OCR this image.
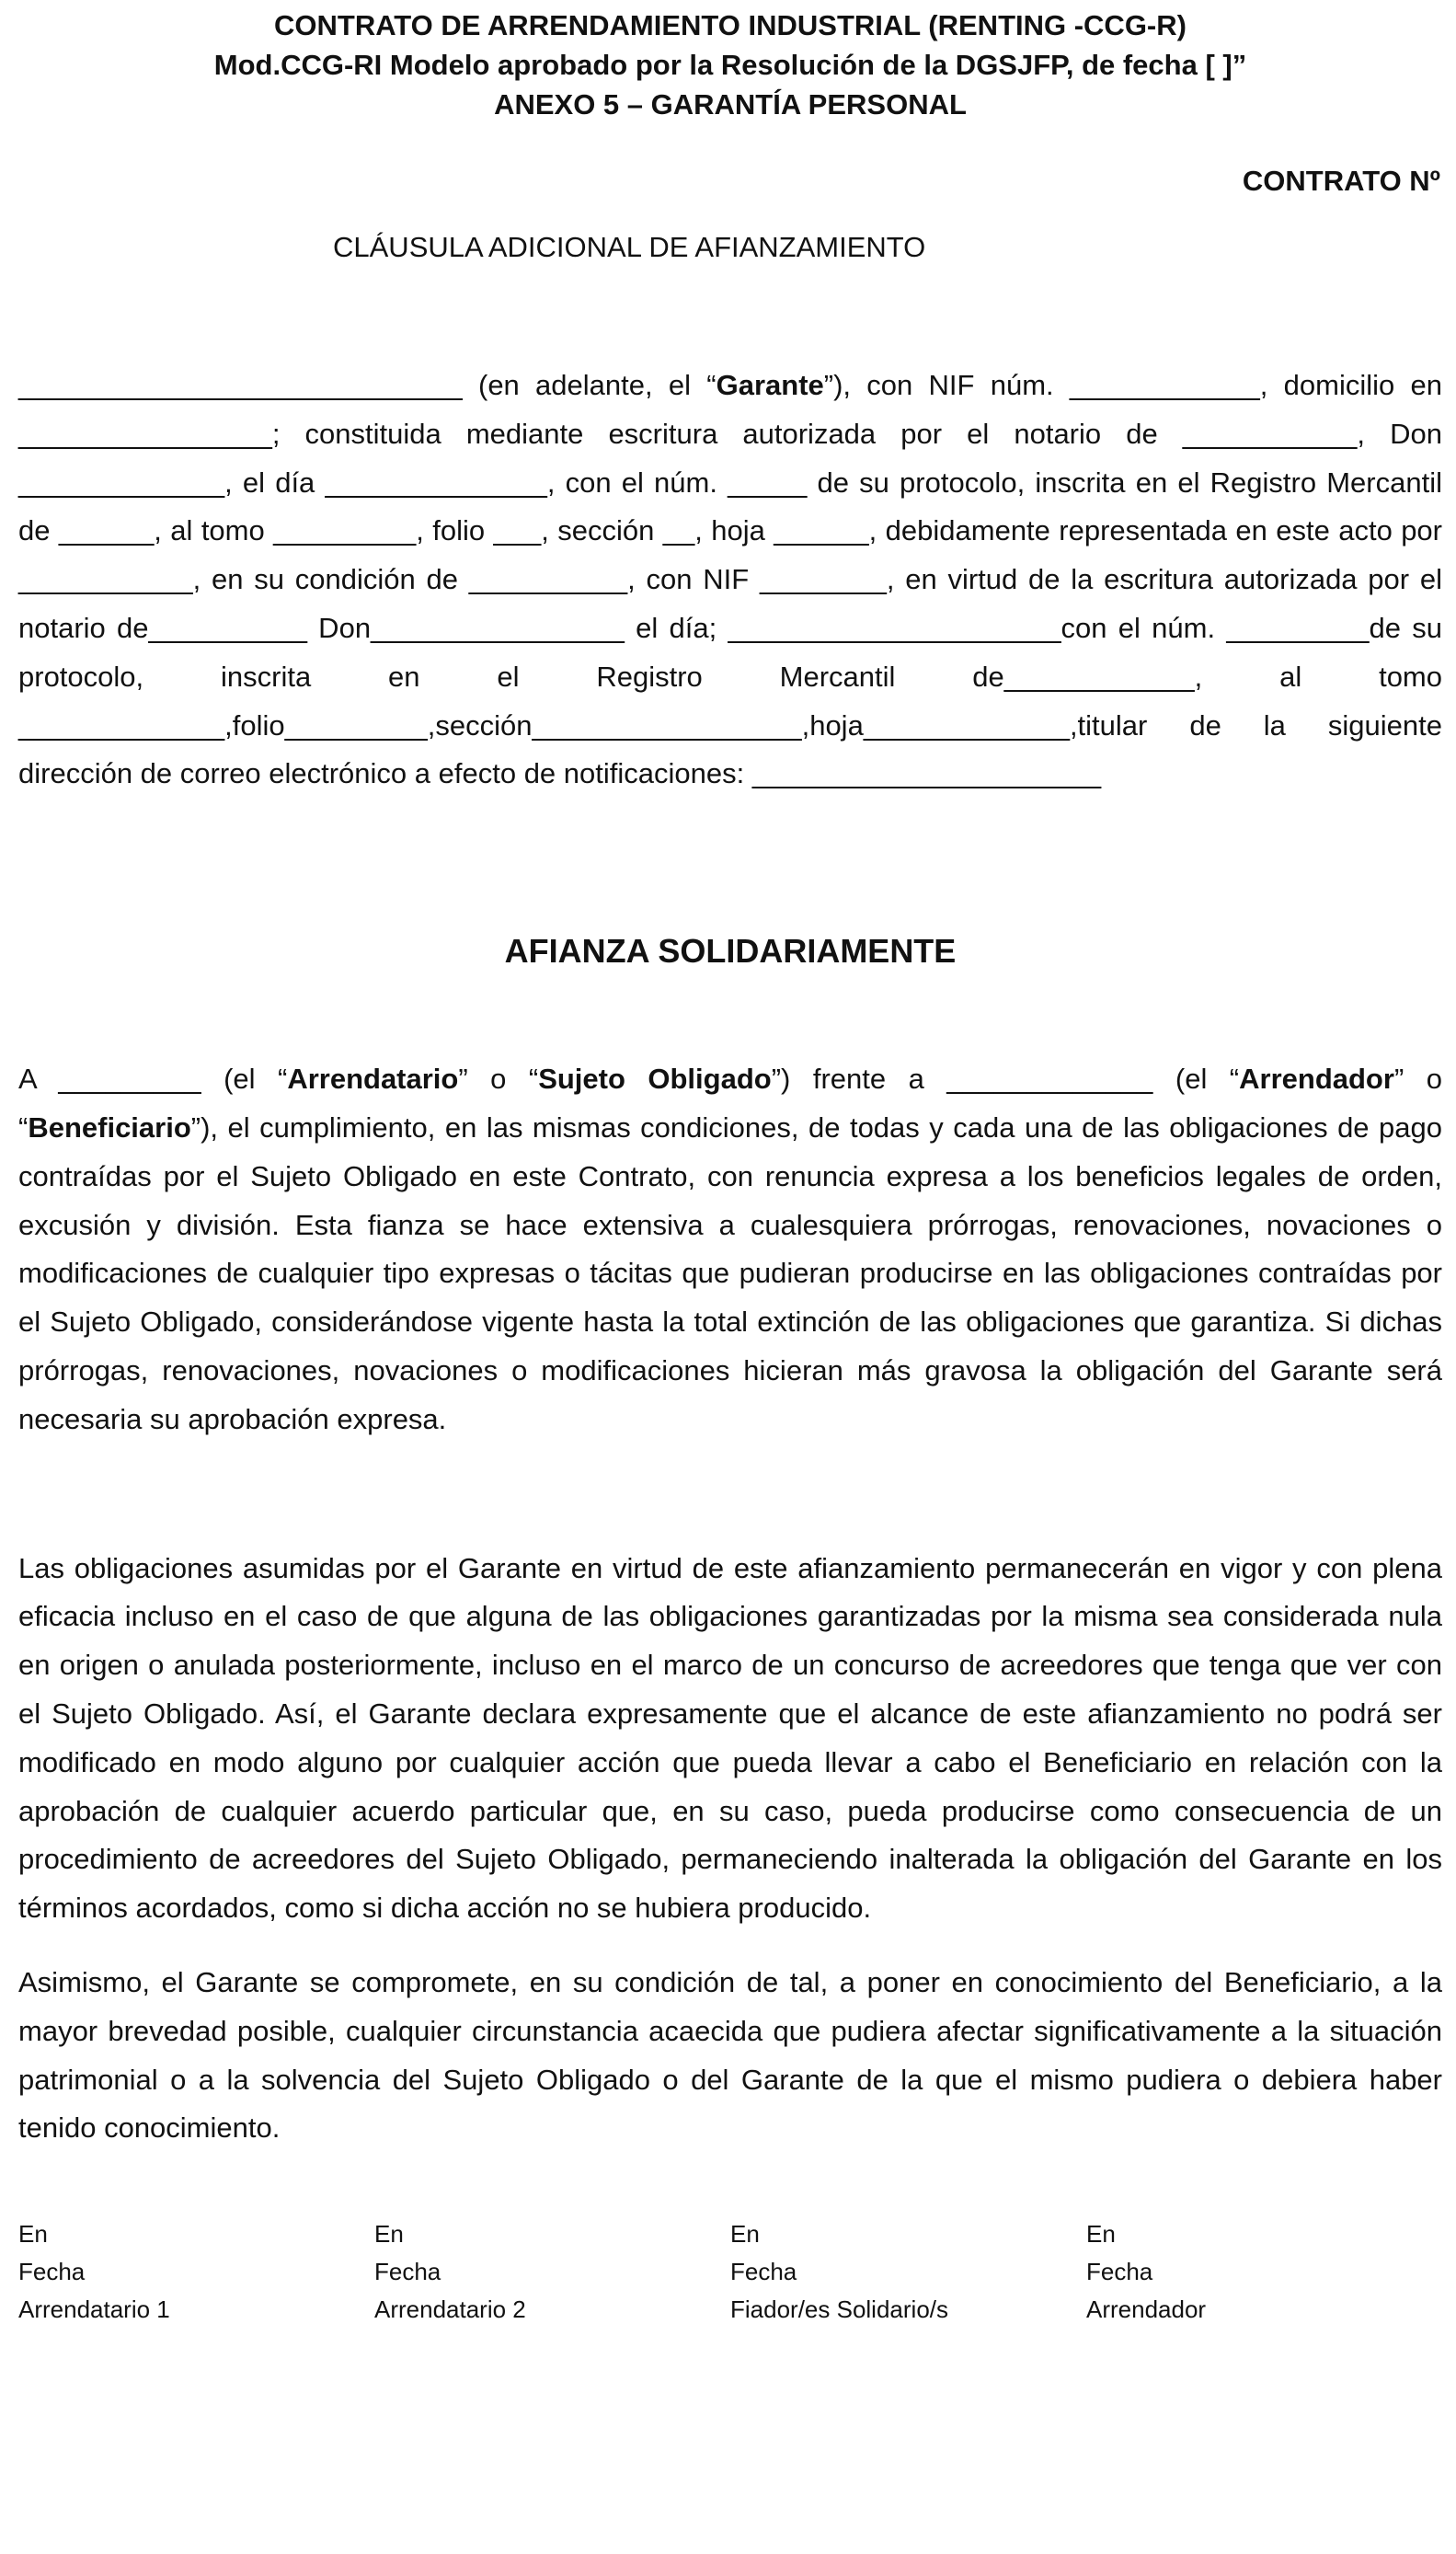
CONTRATO DE ARRENDAMIENTO INDUSTRIAL (RENTING -CCG-R)
Mod.CCG-RI Modelo aprobado por la Resolución de la DGSJFP, de fecha [ ]”
ANEXO 5 – GARANTÍA PERSONAL
CONTRATO Nº
CLÁUSULA ADICIONAL DE AFIANZAMIENTO

____________________________ (en adelante, el “Garante”), con NIF núm. ____________, domicilio en ________________; constituida mediante escritura autorizada por el notario de ___________, Don _____________, el día ______________, con el núm. _____ de su protocolo, inscrita en el Registro Mercantil de ______, al tomo _________, folio ___, sección __, hoja ______, debidamente representada en este acto por ___________, en su condición de __________, con NIF ________, en virtud de la escritura autorizada por el notario de__________ Don________________ el día; _____________________con el núm. _________de su protocolo, inscrita en el Registro Mercantil de____________, al tomo _____________,folio_________,sección_________________,hoja_____________,titular de la siguiente dirección de correo electrónico a efecto de notificaciones: ______________________

AFIANZA SOLIDARIAMENTE

A _________ (el “Arrendatario” o “Sujeto Obligado”) frente a _____________ (el “Arrendador” o “Beneficiario”), el cumplimiento, en las mismas condiciones, de todas y cada una de las obligaciones de pago contraídas por el Sujeto Obligado en este Contrato, con renuncia expresa a los beneficios legales de orden, excusión y división. Esta fianza se hace extensiva a cualesquiera prórrogas, renovaciones, novaciones o modificaciones de cualquier tipo expresas o tácitas que pudieran producirse en las obligaciones contraídas por el Sujeto Obligado, considerándose vigente hasta la total extinción de las obligaciones que garantiza. Si dichas prórrogas, renovaciones, novaciones o modificaciones hicieran más gravosa la obligación del Garante será necesaria su aprobación expresa.

Las obligaciones asumidas por el Garante en virtud de este afianzamiento permanecerán en vigor y con plena eficacia incluso en el caso de que alguna de las obligaciones garantizadas por la misma sea considerada nula en origen o anulada posteriormente, incluso en el marco de un concurso de acreedores que tenga que ver con el Sujeto Obligado. Así, el Garante declara expresamente que el alcance de este afianzamiento no podrá ser modificado en modo alguno por cualquier acción que pueda llevar a cabo el Beneficiario en relación con la aprobación de cualquier acuerdo particular que, en su caso, pueda producirse como consecuencia de un procedimiento de acreedores del Sujeto Obligado, permaneciendo inalterada la obligación del Garante en los términos acordados, como si dicha acción no se hubiera producido.

Asimismo, el Garante se compromete, en su condición de tal, a poner en conocimiento del Beneficiario, a la mayor brevedad posible, cualquier circunstancia acaecida que pudiera afectar significativamente a la situación patrimonial o a la solvencia del Sujeto Obligado o del Garante de la que el mismo pudiera o debiera haber tenido conocimiento.

En
Fecha
Arrendatario 1
En
Fecha
Arrendatario 2
En
Fecha
Fiador/es Solidario/s
En
Fecha
Arrendador
